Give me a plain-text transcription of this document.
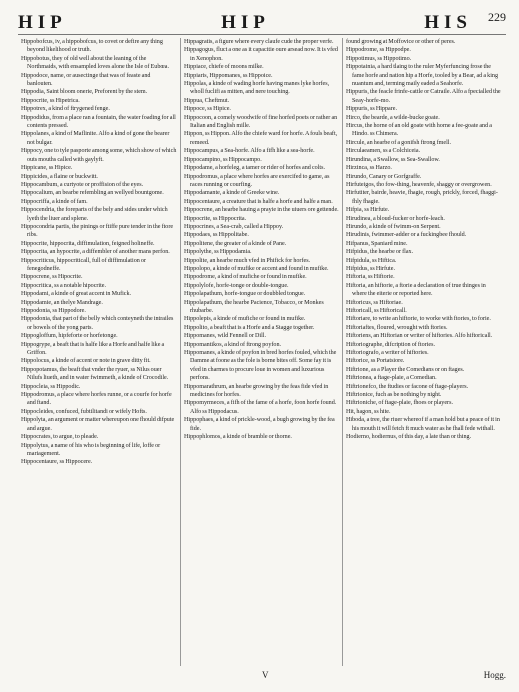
HIP	HIP	HIS 229

Hippobofcus, iv, a hippobofcus, to covet or defire any thing beyond likelihood or truth.

Hippobotus, they of old well about the leaning of the Northmaids, with ensampled loves alone the Isle of Eubœa.

Hippodoce, name, or ausectinge that was of feaste and banlouten.

Hippodia, Saint bloom onerie, Preforent by the stem.

Hippocrite, ss Hipetrica.

Hippotrex, a kind of ftrygened fenge.

Hippodidus, from a place ran a fountain, the water foading for all contents pressed.

Hippolanes, a kind of Maflinite. Alfo a kind of gone the bearer not bulgar.

Hippocy, one to tyle pasporte among some, which show of which outs mouths called with gaylyft.

Hippicane, ss Hipice.

Hippicides, a flaine or buckwitt.

Hippocambum, a curtyote or proffision of the eyes.

Hippocalium, an bearbe refembling an wellyed bountgome.

Hippocriffa, a kinde of fam.

Hippocendria, the foreparts of the bely and sides under which lyeth the liuer and splene.

Hippocondria partis, the pinings or ftiffe pure tender in the ftore ribs.

Hippocrite, hippocrita, diffimulation, feigned holineffe.

Hippocrita, an hypocrite, a diffembler of another mans perfon.

Hippocriticus, hippocriticall, full of diffimulation or fenegodneffe.

Hippocrene, ss Hipocrite.

Hippocritica, ss a notable hipocrite.

Hippodami, a kinde of great accent in Mufick.

Hippodamie, an thelye Mandrage.

Hippodonia, ss Hippodore.

Hippodonia, that part of the belly which conteyneth the intrailes or bowels of the yong parts.

Hippogloffum, hipfeforte or horfetonge.

Hippogrype, a beaft that is halfe like a Horfe and halfe like a Griffon.

Hippolocus, a kinde of accent or note in grave ditty fit.

Hippopotamus, the beaft that vnder the ryuer, ss Nilus ouer Nilufs liueth, and in water fwimmeth, a kinde of Crocodile.

Hippocleia, ss Hippodic.

Hippodromus, a place where horfes runne, or a courfe for horfe and ftand.

Hippocleides, confuced, fubtilitandi or wifely Hofts.

Hippolyta, an argument or matter whereupon one fhould difpute and argue.

Hippocrates, to argue, to pleade.

Hippolytus, a name of his who is beginning of life, loffe or mariagement.

Hippocentaure, ss Hippocere.

Hippagratis, a figure where every claufe cude the proper verfe.

Hippagogus, fluct a one as it capacitie oure arsead now. It is vfed in Xenophon.

Hippiace, chiefe of moons milke.

Hippiaris, Hippomanes, ss Hippoice.

Hippolas, a kinde of wading horfe having manes lyke horfes, wholl fuclifi as mitten, and nere touching.

Hippua, Cheftmut.

Hippoce, ss Hipice.

Hippocoon, a comely woodwife of fine horfed poets or rather an Italian and English mille.

Hippon, ss Hippon. Alfo the chiefe ward for horfe. A fouls beaft, remeed.

Hippocampus, a Sea-horfe. Alfo a fifh like a sea-horfe.

Hippocampino, ss Hippocampo.

Hippodame, a horfeleg, a tamer or rider of horfes and colts.

Hippodromus, a place where horfes are exercifed to game, as races running or courfing.

Hippodamante, a kinde of Greeke wine.

Hippocentaure, a creature that is halfe a horfe and halfe a man.

Hippocrene, an hearbe hauing a prayie in the uiuers ore gettende.

Hippocrite, ss Hippocrita.

Hippocrines, a Sea-crab, called a Hippoy.

Hippodaes, ss Hippolitabe.

Hippolitene, the greater of a kinde of Pane.

Hippolythe, ss Hippodamia.

Hippolite, an hearbe much vfed in Phifick for horfes.

Hippolopo, a kinde of mufike or accent and found in mufike.

Hippodrome, a kind of mufiche or found in mufike.

Hippolylofe, horfe-tonge or double-tongue.

Hippolapathum, horfe-tongue or doubbled tongue.

Hippolapathum, the hearbe Pacience, Tobacco, or Monkes rhubarbe.

Hippolepis, a kinde of mufiche or found in mufike.

Hippolito, a beaft that is a Horfe and a Stagge together.

Hippomanes, wild Fennell or Dill.

Hippomantikos, a kind of ftrong poyfon.

Hippomanes, a kinde of poyfon in bred horfes fouled, which the Damme at foone as the fole is borne bites off. Some fay it is vfed in charmes to procure loue in women and luxurious perfons.

Hippomarathrum, an hearbe growing by the feas fide vfed in medicines for horfes.

Hippomyrmeces, a fifh of the fame of a horfe, foon horfe found. Alfo ss Hippodacus.

Hippophaes, a kind of prickle-wood, a bugh growing by the fea fide.

Hippophlomos, a kinde of bramble or thorne.

found growing at Moffovice or other of peres.

Hippodrome, ss Hippodpe.

Hippotimus, ss Hippotimo.

Hippotainia, a hard tlaing to the ruler Myferfuncing frose the fame horfe and nation hip a Horfe, tooled by a Bear, ad a king nuantum and, terming maily eaded a Seahorfe.

Hippuris, the feacle frinfe-cattle or Catraile. Alfo a fpecialled the Seay-horfe-mo.

Hippuris, ss Hippare.

Hirco, the bearde, a wilde-bucke goate.

Hircus, the horne of an old goate with horne a fee-goate and a Hindo. ss Chimera.

Hircule, an hearbe of a gonifsh ftrong fmell.

Hirculaeamen, ss a Colchiceia.

Hirundina, a Swallow, ss Sea-Swallow.

Hirzinca, ss Harzo.

Hirundo, Canary or Gorfgraffe.

Hirfuteigos, tho fow-thing, heavenfe, shaggy or overgrowen.

Hirfutiter, bairde, heavie, fhagie, rough, prickly, forced, fhaggi-fhly fhagie.

Hifpia, ss Hirfute.

Hirudinea, a bloud-fucker or horfe-leach.

Hirundo, a kinde of fwimm-on Serpent.

Hirudinis, fwimmer-adder or a fuckingbee fhould.

Hifpanus, Spaniard mine.

Hifpidus, the hearbe or flax.

Hifpidula, ss Hiftica.

Hifpidus, ss Hirfute.

Hiftoria, ss Hiftorie.

Hiftoria, an hiftorie, a ftorie a declaration of true thinges in where the eiterie or reported here.

Hiftoricus, ss Hiftoriae.

Hiftoricall, ss Hiftoricall.

Hiftoriare, to write an hiftorie, to worke with ftories, to forie.

Hiftoriaftes, floured, wrought with ftories.

Hiftoriens, an Hiftorian or writer of hiftories. Alfo hiftoricall.

Hiftoriographe, difcription of ftories.

Hiftoriografo, a writer of hiftories.

Hiftorice, ss Portatsiore.

Hiftrione, as a Player the Comedians or on ftages.

Hiftrionea, a ftage-plaie, a Comedian.

Hiftrionefco, the ftudies or facone of ftage-players.

Hiftrionice, fuch as be nothing by night.

Hiftrioniche, of ftage-plaie, fhoes or players.

Hit, hagon, ss hite.

Hiboda, a tree, the riuer whereof if a man hold but a peace of it in his mouth it will fetch ft much water as he fhall fede withall.

Hodierno, hodiernus, of this day, a late than or thing.

V	Hogg.
